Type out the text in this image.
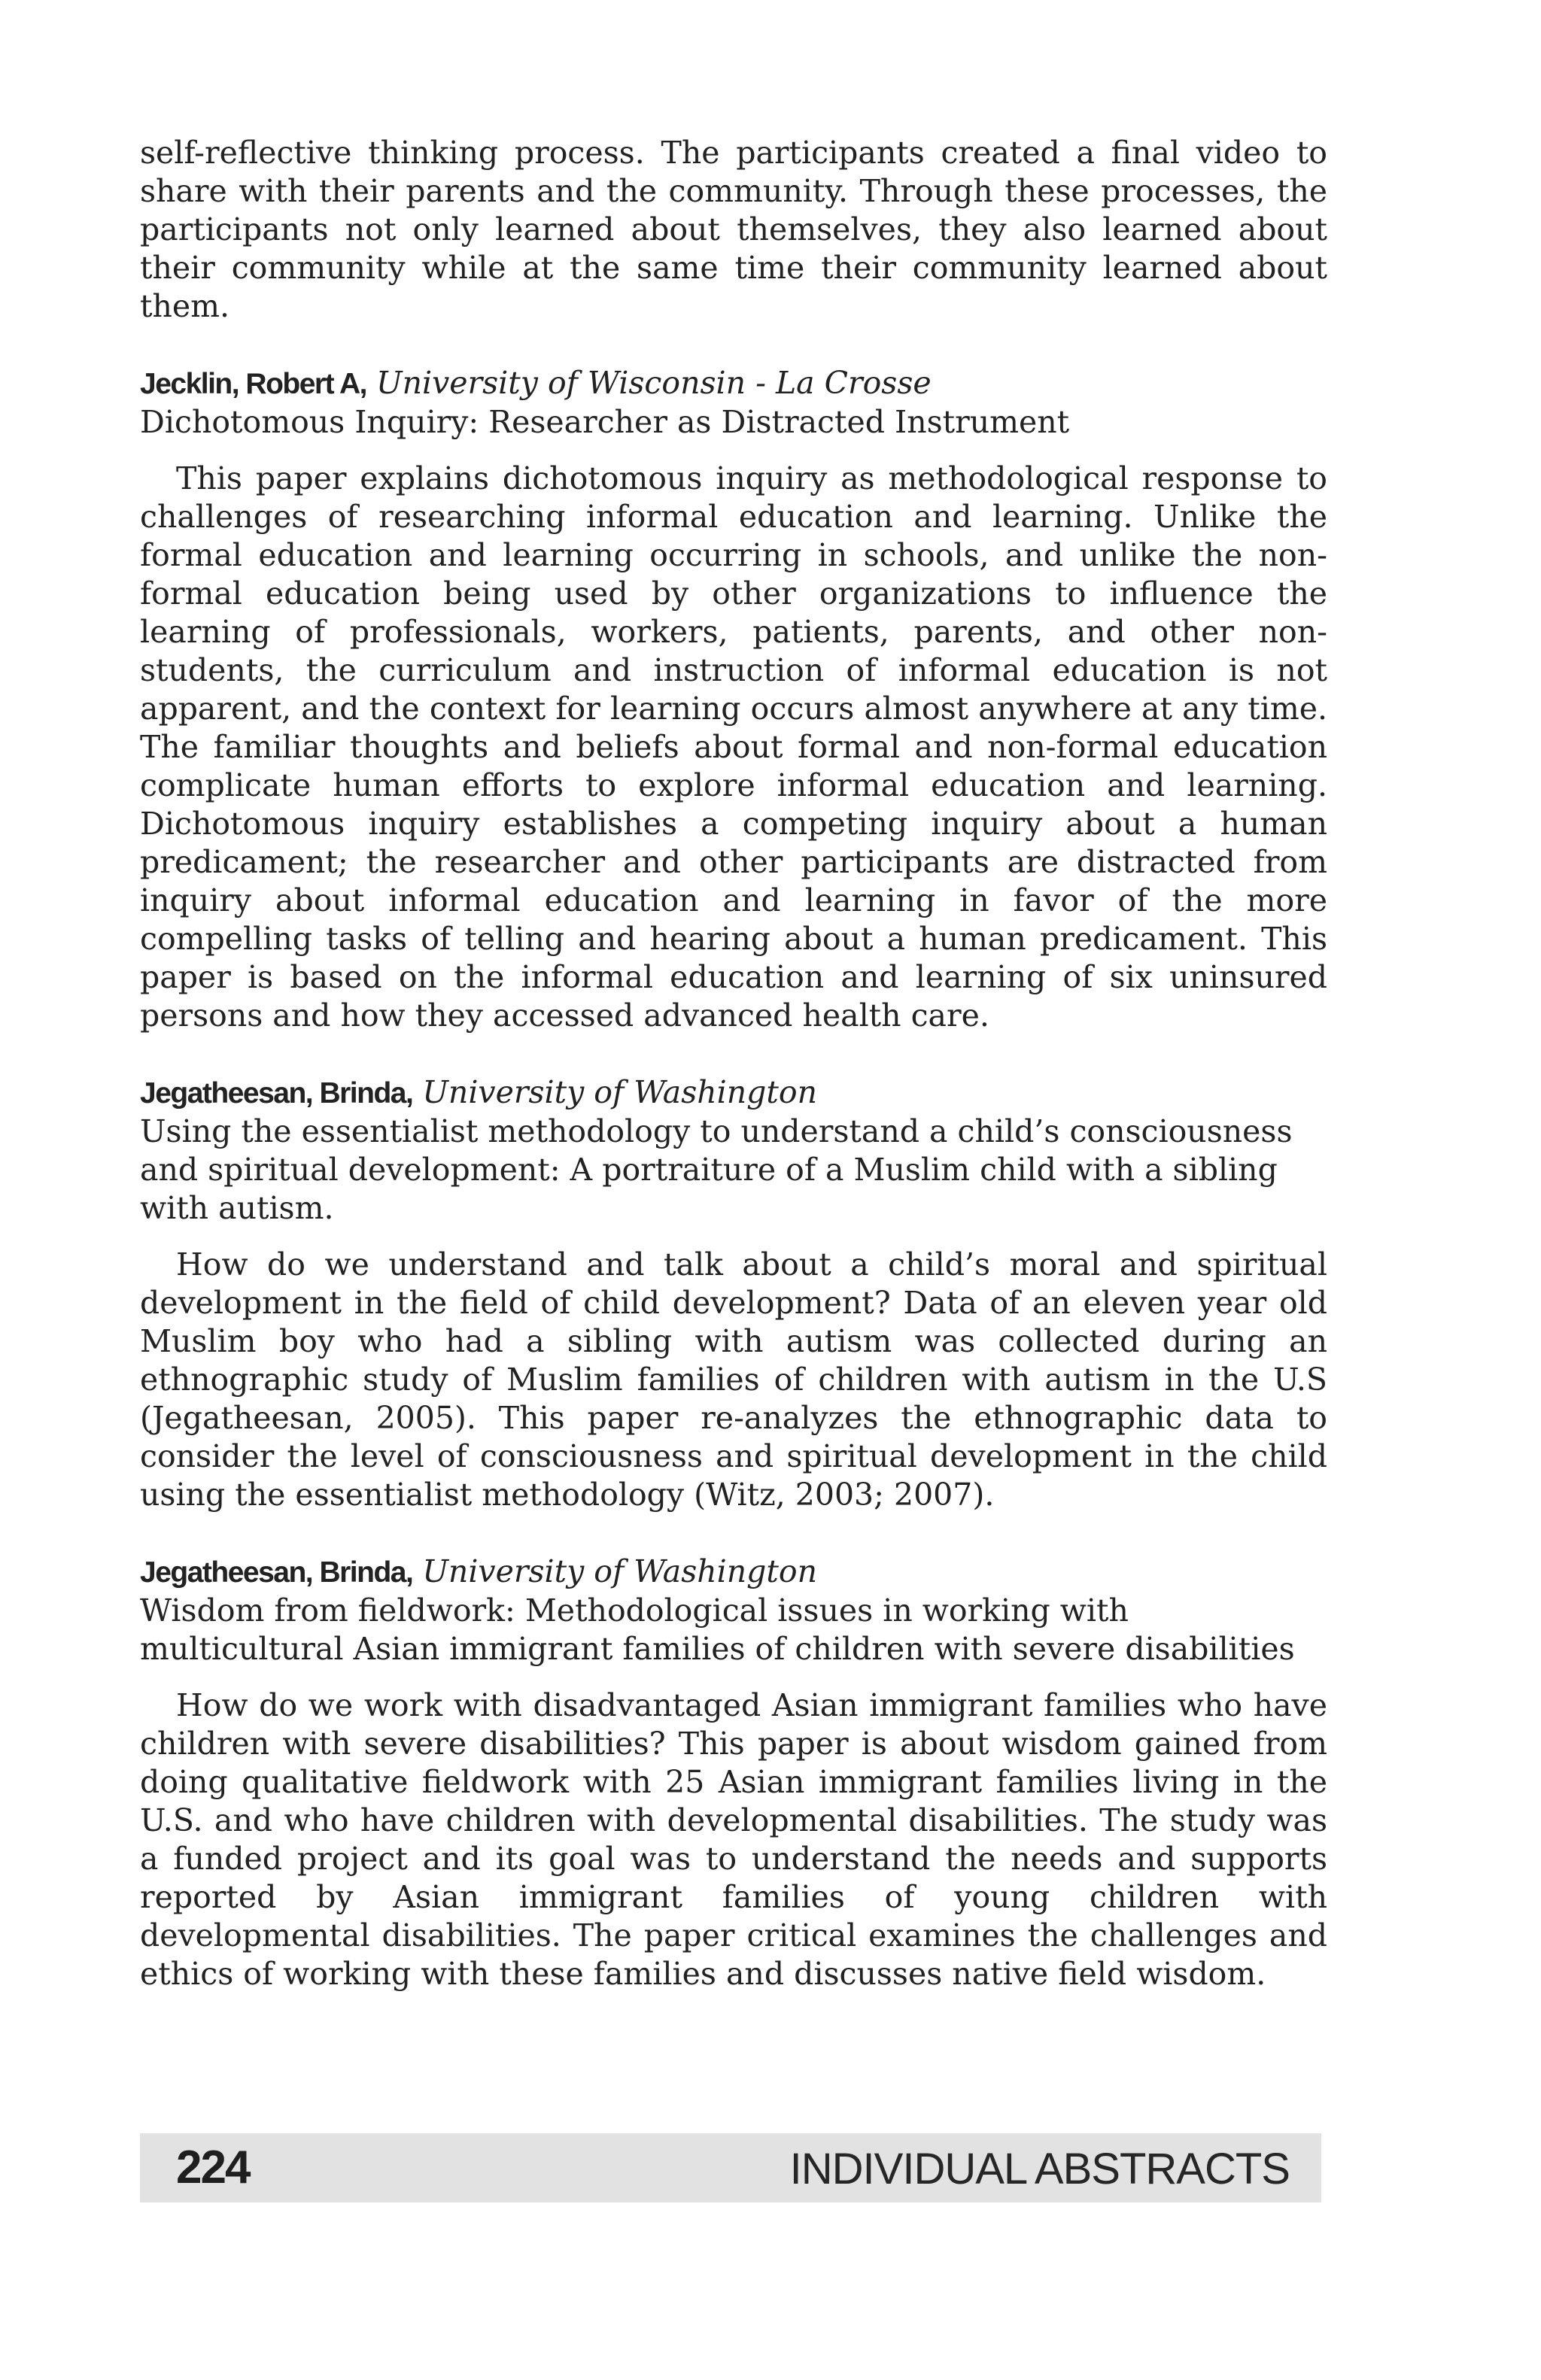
self-reflective thinking process. The participants created a final video to share with their parents and the community. Through these processes, the participants not only learned about themselves, they also learned about their community while at the same time their community learned about them.

Jecklin, Robert A, University of Wisconsin - La Crosse

Dichotomous Inquiry: Researcher as Distracted Instrument

This paper explains dichotomous inquiry as methodological response to challenges of researching informal education and learning. Unlike the formal education and learning occurring in schools, and unlike the non-formal education being used by other organizations to influence the learning of professionals, workers, patients, parents, and other non-students, the curriculum and instruction of informal education is not apparent, and the context for learning occurs almost anywhere at any time. The familiar thoughts and beliefs about formal and non-formal education complicate human efforts to explore informal education and learning. Dichotomous inquiry establishes a competing inquiry about a human predicament; the researcher and other participants are distracted from inquiry about informal education and learning in favor of the more compelling tasks of telling and hearing about a human predicament. This paper is based on the informal education and learning of six uninsured persons and how they accessed advanced health care.

Jegatheesan, Brinda, University of Washington

Using the essentialist methodology to understand a child’s consciousness and spiritual development: A portraiture of a Muslim child with a sibling with autism.

How do we understand and talk about a child’s moral and spiritual development in the field of child development? Data of an eleven year old Muslim boy who had a sibling with autism was collected during an ethnographic study of Muslim families of children with autism in the U.S (Jegatheesan, 2005). This paper re-analyzes the ethnographic data to consider the level of consciousness and spiritual development in the child using the essentialist methodology (Witz, 2003; 2007).

Jegatheesan, Brinda, University of Washington

Wisdom from fieldwork: Methodological issues in working with multicultural Asian immigrant families of children with severe disabilities

How do we work with disadvantaged Asian immigrant families who have children with severe disabilities? This paper is about wisdom gained from doing qualitative fieldwork with 25 Asian immigrant families living in the U.S. and who have children with developmental disabilities. The study was a funded project and its goal was to understand the needs and supports reported by Asian immigrant families of young children with developmental disabilities. The paper critical examines the challenges and ethics of working with these families and discusses native field wisdom.

224	INDIVIDUAL ABSTRACTS
